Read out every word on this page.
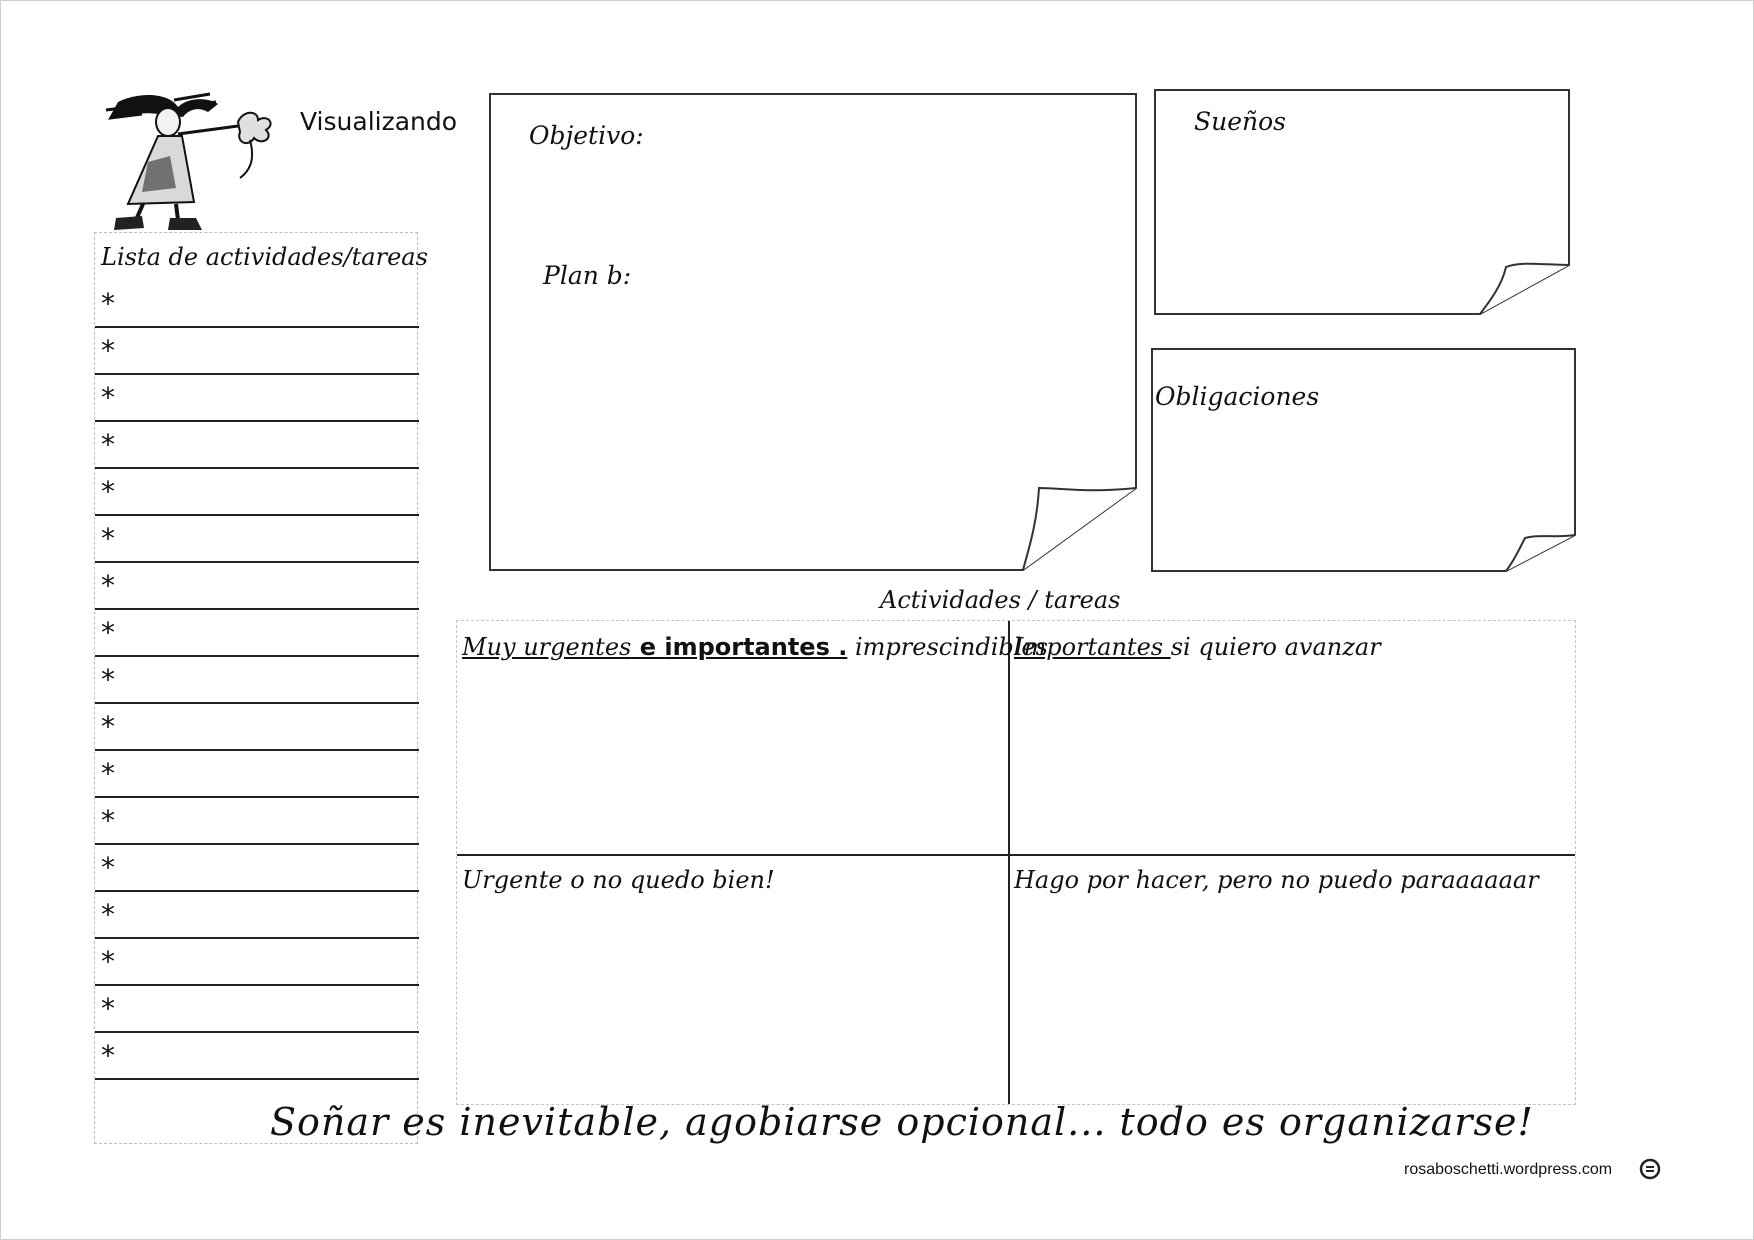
Visualizando
Lista de actividades/tareas
*
*
*
*
*
*
*
*
*
*
*
*
*
*
*
*
*
Objetivo:
Plan b:
Sueños
Obligaciones
Actividades / tareas
Muy urgentes e importantes . imprescindibles
Importantes si quiero avanzar
Urgente o no quedo bien!	Hago por hacer, pero no puedo paraaaaaar
Soñar es inevitable, agobiarse opcional... todo es organizarse!
rosaboschetti.wordpress.com
